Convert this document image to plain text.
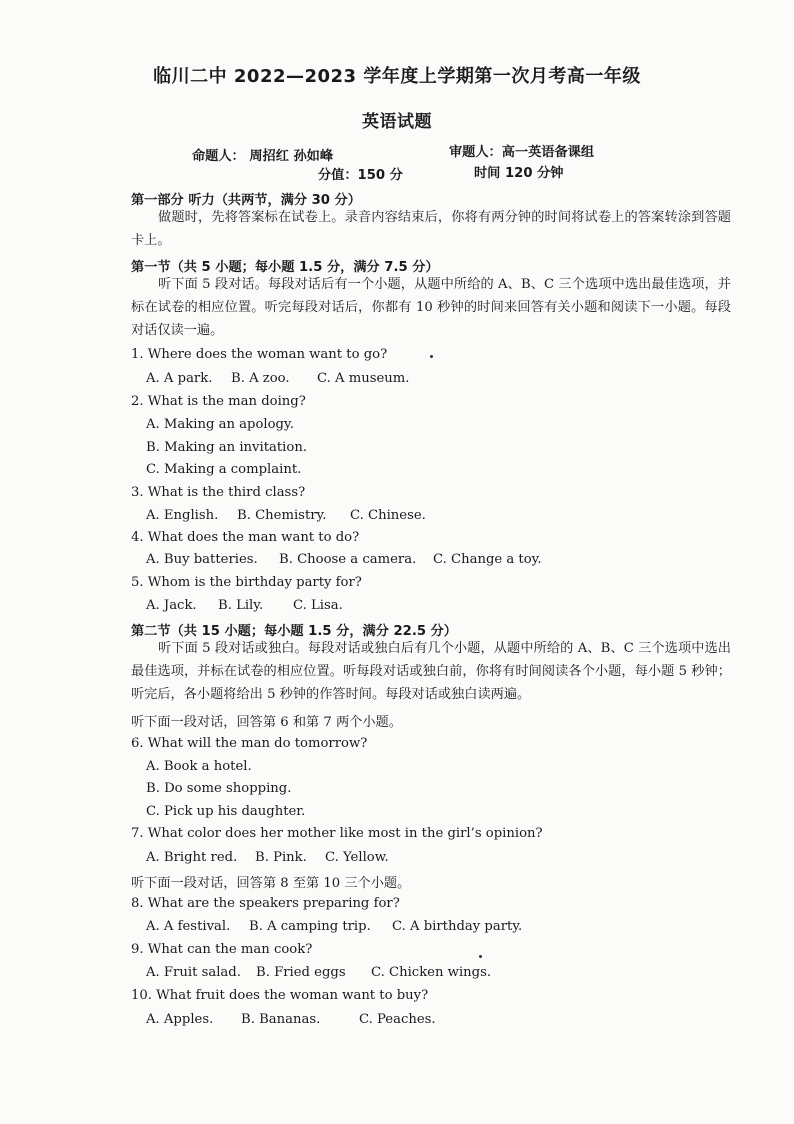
临川二中 2022—2023 学年度上学期第一次月考高一年级
英语试题
命题人： 周招红 孙如峰	审题人：高一英语备课组
分值：150 分	时间 120 分钟
第一部分 听力（共两节，满分 30 分）

做题时，先将答案标在试卷上。录音内容结束后，你将有两分钟的时间将试卷上的答案转涂到答题卡上。

第一节（共 5 小题；每小题 1.5 分，满分 7.5 分）

听下面 5 段对话。每段对话后有一个小题，从题中所给的 A、B、C 三个选项中选出最佳选项，并标在试卷的相应位置。听完每段对话后，你都有 10 秒钟的时间来回答有关小题和阅读下一小题。每段对话仅读一遍。

1. Where does the woman want to go?
A. A park. B. A zoo. C. A museum.
2. What is the man doing?
A. Making an apology.
B. Making an invitation.
C. Making a complaint.
3. What is the third class?
A. English. B. Chemistry. C. Chinese.
4. What does the man want to do?
A. Buy batteries. B. Choose a camera. C. Change a toy.
5. Whom is the birthday party for?
A. Jack. B. Lily. C. Lisa.
第二节（共 15 小题；每小题 1.5 分，满分 22.5 分）

听下面 5 段对话或独白。每段对话或独白后有几个小题，从题中所给的 A、B、C 三个选项中选出最佳选项，并标在试卷的相应位置。听每段对话或独白前，你将有时间阅读各个小题，每小题 5 秒钟；听完后，各小题将给出 5 秒钟的作答时间。每段对话或独白读两遍。

听下面一段对话，回答第 6 和第 7 两个小题。
6. What will the man do tomorrow?
A. Book a hotel.
B. Do some shopping.
C. Pick up his daughter.
7. What color does her mother like most in the girl’s opinion?
A. Bright red. B. Pink. C. Yellow.
听下面一段对话，回答第 8 至第 10 三个小题。
8. What are the speakers preparing for?
A. A festival. B. A camping trip. C. A birthday party.
9. What can the man cook?
A. Fruit salad. B. Fried eggs C. Chicken wings.
10. What fruit does the woman want to buy?
A. Apples. B. Bananas.	C. Peaches.
